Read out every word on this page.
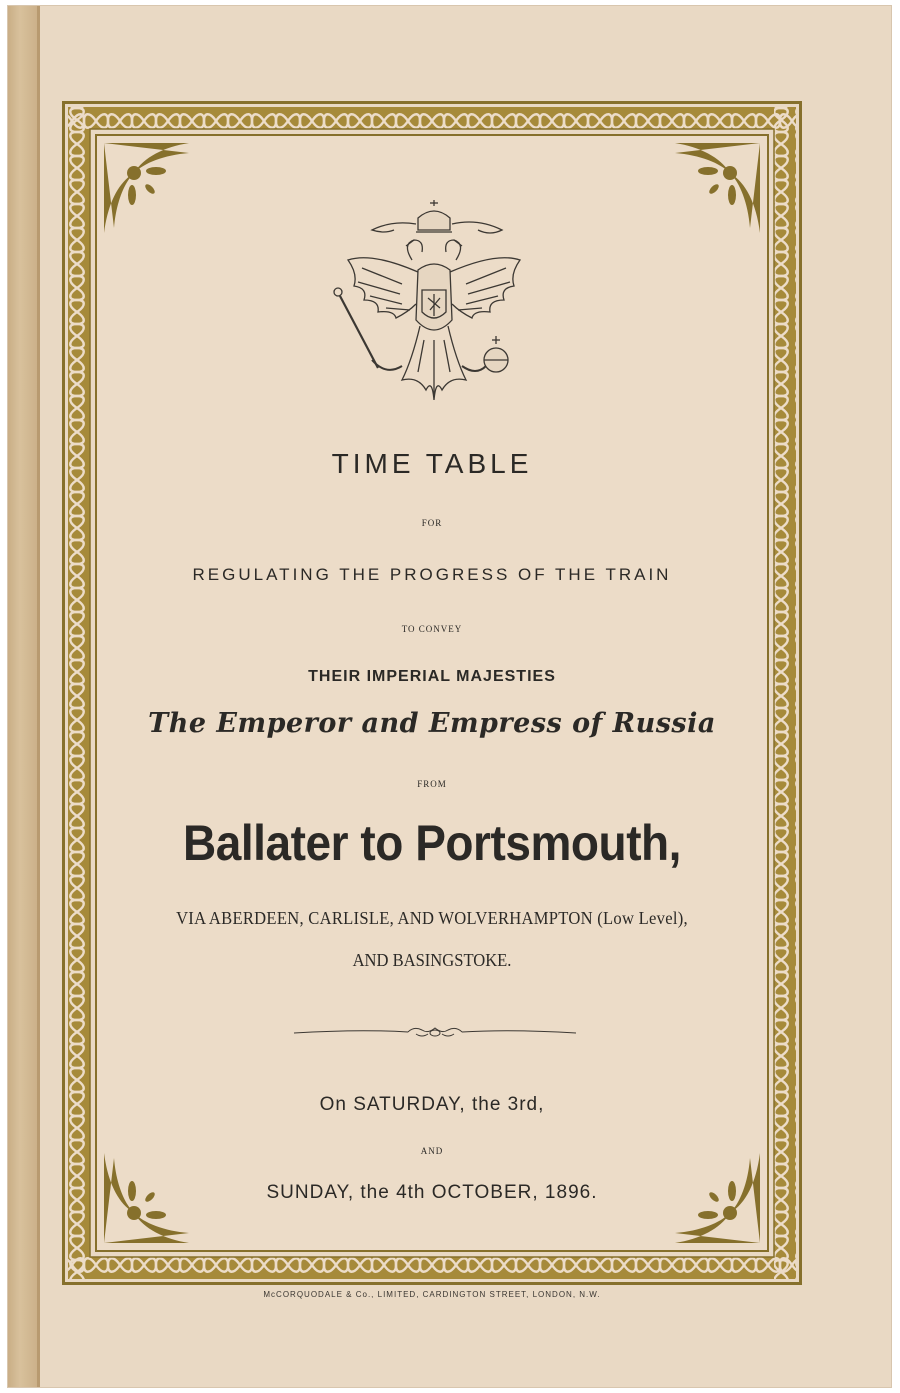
TIME TABLE
FOR
REGULATING THE PROGRESS OF THE TRAIN
TO CONVEY
THEIR IMPERIAL MAJESTIES
The Emperor and Empress of Russia
FROM
Ballater to Portsmouth,
VIA ABERDEEN, CARLISLE, AND WOLVERHAMPTON (Low Level),
AND BASINGSTOKE.
On SATURDAY, the 3rd,
AND
SUNDAY, the 4th OCTOBER, 1896.
McCORQUODALE & Co., LIMITED, CARDINGTON STREET, LONDON, N.W.
